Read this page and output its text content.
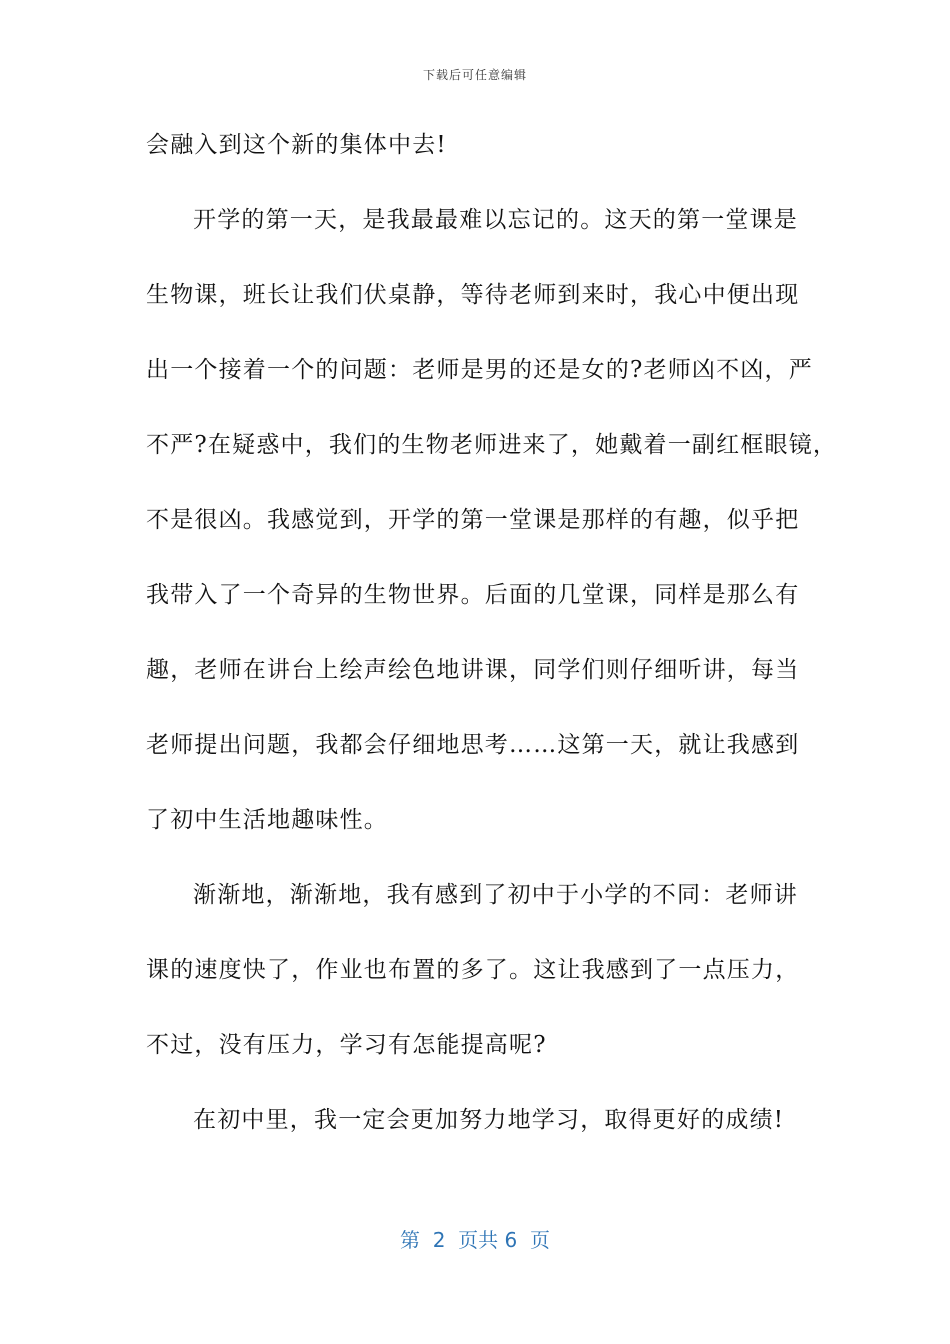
下载后可任意编辑
会融入到这个新的集体中去!
开学的第一天，是我最最难以忘记的。这天的第一堂课是
生物课，班长让我们伏桌静，等待老师到来时，我心中便出现
出一个接着一个的问题：老师是男的还是女的?老师凶不凶，严
不严?在疑惑中，我们的生物老师进来了，她戴着一副红框眼镜，
不是很凶。我感觉到，开学的第一堂课是那样的有趣，似乎把
我带入了一个奇异的生物世界。后面的几堂课，同样是那么有
趣，老师在讲台上绘声绘色地讲课，同学们则仔细听讲，每当
老师提出问题，我都会仔细地思考……这第一天，就让我感到
了初中生活地趣味性。
渐渐地，渐渐地，我有感到了初中于小学的不同：老师讲
课的速度快了，作业也布置的多了。这让我感到了一点压力，
不过，没有压力，学习有怎能提高呢?
在初中里，我一定会更加努力地学习，取得更好的成绩!
第  2  页共 6  页
